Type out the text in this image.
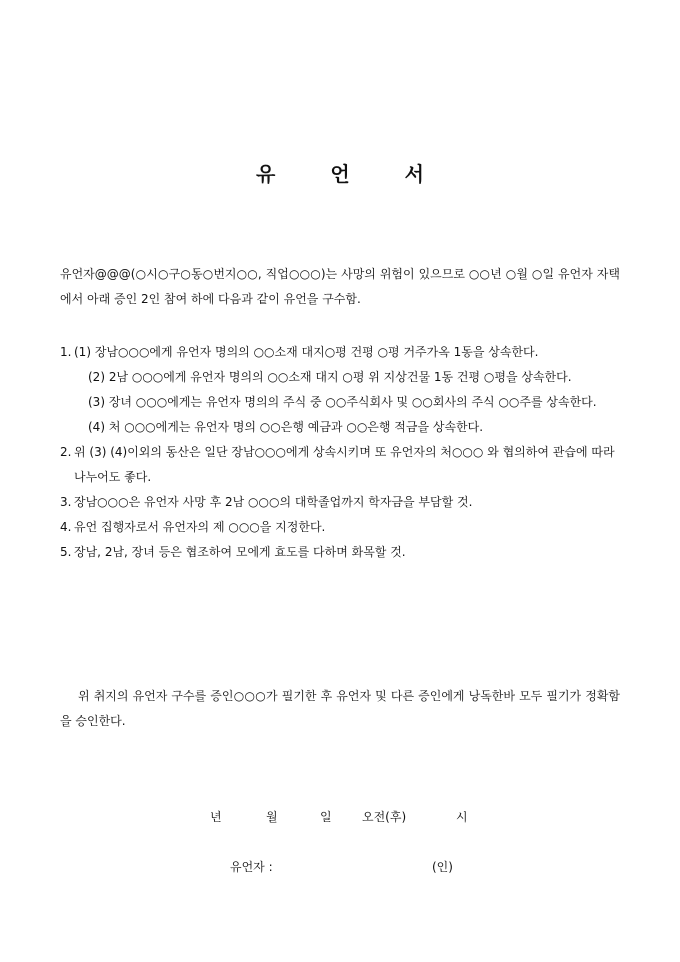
유 언 서

유언자@@@(○시○구○동○번지○○, 직업○○○)는 사망의 위험이 있으므로 ○○년 ○월 ○일 유언자 자택에서 아래 증인 2인 참여 하에 다음과 같이 유언을 구수함.

1. (1) 장남○○○에게 유언자 명의의 ○○소재 대지○평 건평 ○평 거주가옥 1동을 상속한다.

(2) 2남 ○○○에게 유언자 명의의 ○○소재 대지 ○평 위 지상건물 1동 건평 ○평을 상속한다.

(3) 장녀 ○○○에게는 유언자 명의의 주식 중 ○○주식회사 및 ○○회사의 주식 ○○주를 상속한다.

(4) 처 ○○○에게는 유언자 명의 ○○은행 예금과 ○○은행 적금을 상속한다.

2. 위 (3) (4)이외의 동산은 일단 장남○○○에게 상속시키며 또 유언자의 처○○○ 와 협의하여 관습에 따라 나누어도 좋다.

3. 장남○○○은 유언자 사망 후 2남 ○○○의 대학졸업까지 학자금을 부담할 것.

4. 유언 집행자로서 유언자의 제 ○○○을 지정한다.

5. 장남, 2남, 장녀 등은 협조하여 모에게 효도를 다하며 화목할 것.

위 취지의 유언자 구수를 증인○○○가 필기한 후 유언자 및 다른 증인에게 낭독한바 모두 필기가 정확함을 승인한다.

년	월	일	오전(후)	시
유언자 :	(인)
